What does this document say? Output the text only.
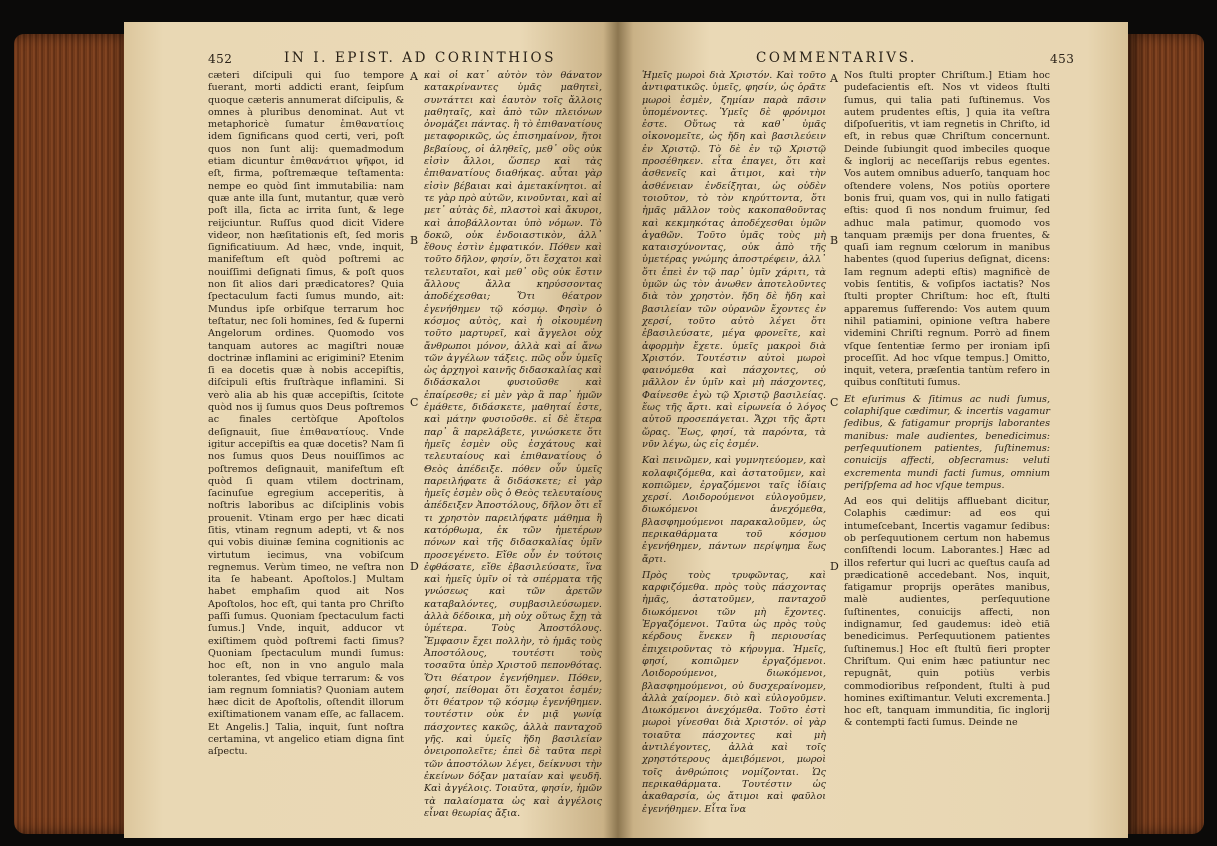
452	IN I. EPIST. AD CORINTHIOS

cæteri diſcipuli qui ſuo tempore fuerant, morti addicti erant, ſeipſum quoque cæteris annumerat diſcipulis, & omnes à pluribus denominat. Aut vt metaphoricè ſumatur ἐπιθανατίοις idem ſignificans quod certi, veri, poſt quos non ſunt alij: quemadmodum etiam dicuntur ἐπιθανάτιοι ψῆφοι, id eſt, firma, poſtremæque teſtamenta: nempe eo quòd ſint immutabilia: nam quæ ante illa ſunt, mutantur, quæ verò poſt illa, ſicta ac irrita ſunt, & lege reijciuntur. Ruſſus quod dicit Videre videor, non hæſitationis eſt, ſed moris ſignificatiuum. Ad hæc, vnde, inquit, manifeſtum eſt quòd poſtremi ac nouiſſimi deſignati ſimus, & poſt quos non ſit alios dari prædicatores? Quia ſpectaculum facti ſumus mundo, ait: Mundus ipſe orbiſque terrarum hoc teſtatur, nec ſoli homines, ſed & ſuperni Angelorum ordines. Quomodo vos tanquam autores ac magiſtri nouæ doctrinæ inflamini ac erigimini? Etenim ſi ea docetis quæ à nobis accepiſtis, diſcipuli eſtis fruſtràque inflamini. Si verò alia ab his quæ accepiſtis, ſcitote quòd nos ij ſumus quos Deus poſtremos ac finales certòſque Apoſtolos deſignauit, ſiue ἐπιθανατίους. Vnde igitur accepiſtis ea quæ docetis? Nam ſi nos ſumus quos Deus nouiſſimos ac poſtremos deſignauit, manifeſtum eſt quòd ſi quam vtilem doctrinam, ſacinuſue egregium acceperitis, à noſtris laboribus ac diſciplinis vobis prouenit. Vtinam ergo per hæc dicati ſitis, vtinam regnum adepti, vt & nos qui vobis diuinæ ſemina cognitionis ac virtutum iecimus, vna vobiſcum regnemus. Verùm timeo, ne veſtra non ita ſe habeant. Apoſtolos.] Multam habet emphaſim quod ait Nos Apoſtolos, hoc eſt, qui tanta pro Chriſto paſſi ſumus. Quoniam ſpectaculum facti ſumus.] Vnde, inquit, adducor vt exiſtimem quòd poſtremi facti ſimus? Quoniam ſpectaculum mundi ſumus: hoc eſt, non in vno angulo mala tolerantes, ſed vbique terrarum: & vos iam regnum ſomniatis? Quoniam autem hæc dicit de Apoſtolis, oſtendit illorum exiſtimationem vanam eſſe, ac fallacem. Et Angelis.] Talia, inquit, ſunt noſtra certamina, vt angelico etiam digna ſint aſpectu.

A
B
C
D

καὶ οἱ κατ᾽ αὐτὸν τὸν θάνατον κατακρίναντες ὑμᾶς μαθητεὶ, συντάττει καὶ ἑαυτὸν τοῖς ἄλλοις μαθηταῖς, καὶ ἀπὸ τῶν πλειόνων ὀνομάζει πάντας. ἢ τὸ ἐπιθανατίους μεταφορικῶς, ὡς ἐπισημαίνον, ἤτοι βεβαίους, οἱ ἀληθεῖς, μεθ᾽ οὓς οὐκ εἰσὶν ἄλλοι, ὥσπερ καὶ τὰς ἐπιθανατίους διαθήκας. αὗται γὰρ εἰσὶν βέβαιαι καὶ ἀμετακίνητοι. αἱ τε γὰρ πρὸ αὐτῶν, κινοῦνται, καὶ αἱ μετ᾽ αὐτὰς δὲ, πλαστοὶ καὶ ἄκυροι, καὶ ἀποβάλλονται ὑπὸ νόμων. Τὸ δοκῶ, οὐκ ἐνδοιαστικὸν, ἀλλ᾽ ἔθους ἐστὶν ἐμφατικόν. Πόθεν καὶ τοῦτο δῆλον, φησίν, ὅτι ἔσχατοι καὶ τελευταῖοι, καὶ μεθ᾽ οὓς οὐκ ἔστιν ἄλλους ἄλλα κηρύσσοντας ἀποδέχεσθαι; Ὅτι θέατρον ἐγενήθημεν τῷ κόσμῳ. Φησὶν ὁ κόσμος αὐτὸς, καὶ ἡ οἰκουμένη τοῦτο μαρτυρεῖ, καὶ ἄγγελοι οὐχ ἄνθρωποι μόνον, ἀλλὰ καὶ αἱ ἄνω τῶν ἀγγέλων τάξεις. πῶς οὖν ὑμεῖς ὡς ἀρχηγοὶ καινῆς διδασκαλίας καὶ διδάσκαλοι φυσιοῦσθε καὶ ἐπαίρεσθε; εἰ μὲν γὰρ ἃ παρ᾽ ἡμῶν ἐμάθετε, διδάσκετε, μαθηταί ἐστε, καὶ μάτην φυσιοῦσθε. εἰ δὲ ἕτερα παρ᾽ ἃ παρελάβετε, γινώσκετε ὅτι ἡμεῖς ἐσμὲν οὓς ἐσχάτους καὶ τελευταίους καὶ ἐπιθανατίους ὁ Θεὸς ἀπέδειξε. πόθεν οὖν ὑμεῖς παρειλήφατε ἃ διδάσκετε; εἰ γὰρ ἡμεῖς ἐσμὲν οὓς ὁ Θεὸς τελευταίους ἀπέδειξεν Ἀποστόλους, δῆλον ὅτι εἴ τι χρηστὸν παρειλήφατε μάθημα ἢ κατόρθωμα, ἐκ τῶν ἡμετέρων πόνων καὶ τῆς διδασκαλίας ὑμῖν προσεγένετο. Εἴθε οὖν ἐν τούτοις ἐφθάσατε, εἴθε ἐβασιλεύσατε, ἵνα καὶ ἡμεῖς ὑμῖν οἱ τὰ σπέρματα τῆς γνώσεως καὶ τῶν ἀρετῶν καταβαλόντες, συμβασιλεύσωμεν. ἀλλὰ δέδοικα, μὴ οὐχ οὕτως ἔχῃ τὰ ὑμέτερα. Τοὺς Ἀποστόλους. Ἔμφασιν ἔχει πολλὴν, τὸ ἡμᾶς τοὺς Ἀποστόλους, τουτέστι τοὺς τοσαῦτα ὑπὲρ Χριστοῦ πεπονθότας. Ὅτι θέατρον ἐγενήθημεν. Πόθεν, φησί, πείθομαι ὅτι ἔσχατοι ἐσμέν; ὅτι θέατρον τῷ κόσμῳ ἐγενήθημεν. τουτέστιν οὐκ ἐν μιᾷ γωνίᾳ πάσχοντες κακῶς, ἀλλὰ πανταχοῦ γῆς. καὶ ὑμεῖς ἤδη βασιλείαν ὀνειροπολεῖτε; ἐπεὶ δὲ ταῦτα περὶ τῶν ἀποστόλων λέγει, δείκνυσι τὴν ἐκείνων δόξαν ματαίαν καὶ ψευδῆ. Καὶ ἀγγέλοις. Τοιαῦτα, φησίν, ἡμῶν τὰ παλαίσματα ὡς καὶ ἀγγέλοις εἶναι θεωρίας ἄξια.

COMMENTARIVS.	453

Ἡμεῖς μωροὶ διὰ Χριστόν. Καὶ τοῦτο ἀντιφατικῶς. ὑμεῖς, φησίν, ὡς ὁρᾶτε μωροὶ ἐσμὲν, ζημίαν παρὰ πᾶσιν ὑπομένοντες. Ὑμεῖς δὲ φρόνιμοι ἐστε. Οὕτως τὰ καθ᾽ ὑμᾶς οἰκονομεῖτε, ὡς ἤδη καὶ βασιλεύειν ἐν Χριστῷ. Τὸ δὲ ἐν τῷ Χριστῷ προσέθηκεν. εἶτα ἐπαγει, ὅτι καὶ ἀσθενεῖς καὶ ἄτιμοι, καὶ τὴν ἀσθένειαν ἐνδείξηται, ὡς οὐδὲν τοιοῦτον, τὸ τὸν κηρύττοντα, ὅτι ἡμᾶς μᾶλλον τοὺς κακοπαθοῦντας καὶ κεκμηκότας ἀποδέχεσθαι ὑμῶν ἀγαθῶν. Τοῦτο ὑμᾶς τοὺς μὴ καταισχύνοντας, οὐκ ἀπὸ τῆς ὑμετέρας γνώμης ἀποστρέφειν, ἀλλ᾽ ὅτι ἐπεὶ ἐν τῷ παρ᾽ ὑμῖν χάριτι, τὰ ὑμῶν ὡς τὸν ἀνωθεν ἀποτελοῦντες διὰ τὸν χρηστὸν. ἤδη δὲ ἤδη καὶ βασιλείαν τῶν οὐρανῶν ἔχοντες ἐν χερσί, τοῦτο αὐτὸ λέγει ὅτι ἐβασιλεύσατε, μέγα φρονεῖτε, καὶ ἀφορμὴν ἔχετε. ὑμεῖς μακροὶ διὰ Χριστόν. Τουτέστιν αὐτοὶ μωροὶ φαινόμεθα καὶ πάσχοντες, οὐ μᾶλλον ἐν ὑμῖν καὶ μὴ πάσχοντες, Φαίνεσθε ἐγὼ τῷ Χριστῷ βασιλείας. ἕως τῆς ἄρτι. καὶ εἰρωνεία ὁ λόγος αὐτοῦ προσεπάγεται. Ἄχρι τῆς ἄρτι ὥρας. Ἕως, φησί, τὰ παρόντα, τὰ νῦν λέγω, ὡς εἰς ἐσμέν.

Καὶ πεινῶμεν, καὶ γυμνητεύομεν, καὶ κολαφιζόμεθα, καὶ ἀστατοῦμεν, καὶ κοπιῶμεν, ἐργαζόμενοι ταῖς ἰδίαις χερσί. Λοιδορούμενοι εὐλογοῦμεν, διωκόμενοι ἀνεχόμεθα, βλασφημούμενοι παρακαλοῦμεν, ὡς περικαθάρματα τοῦ κόσμου ἐγενήθημεν, πάντων περίψημα ἕως ἄρτι.

Πρὸς τοὺς τρυφῶντας, καὶ καρφιζόμεθα. πρὸς τοὺς πάσχοντας ἡμᾶς, ἀστατοῦμεν, πανταχοῦ διωκόμενοι τῶν μὴ ἔχοντες. Ἐργαζόμενοι. Ταῦτα ὡς πρὸς τοὺς κέρδους ἕνεκεν ἢ περιουσίας ἐπιχειροῦντας τὸ κήρυγμα. Ἡμεῖς, φησί, κοπιῶμεν ἐργαζόμενοι. Λοιδορούμενοι, διωκόμενοι, βλασφημούμενοι, οὐ δυσχεραίνομεν, ἀλλὰ χαίρομεν. διὸ καὶ εὐλογοῦμεν. Διωκόμενοι ἀνεχόμεθα. Τοῦτο ἐστὶ μωροὶ γίνεσθαι διὰ Χριστόν. οἱ γὰρ τοιαῦτα πάσχοντες καὶ μὴ ἀντιλέγοντες, ἀλλὰ καὶ τοῖς χρηστότερους ἀμειβόμενοι, μωροὶ τοῖς ἀνθρώποις νομίζονται. Ὡς περικαθάρματα. Τουτέστιν ὡς ἀκαθαρσία, ὡς ἄτιμοι καὶ φαῦλοι ἐγενήθημεν. Εἶτα ἵνα

A
B
C
D

Nos ſtulti propter Chriſtum.] Etiam hoc pudefacientis eſt. Nos vt videos ſtulti ſumus, qui talia pati ſuſtinemus. Vos autem prudentes eſtis, ] quia ita veſtra diſpoſueritis, vt iam regnetis in Chriſto, id eſt, in rebus quæ Chriſtum concernunt. Deinde ſubiungit quod imbeciles quoque & inglorij ac neceſſarijs rebus egentes. Vos autem omnibus aduerſo, tanquam hoc oſtendere volens, Nos potiùs oportere bonis frui, quam vos, qui in nullo fatigati eſtis: quod ſi nos nondum fruimur, ſed adhuc mala patimur, quomodo vos tanquam præmijs per dona fruentes, & quaſi iam regnum cœlorum in manibus habentes (quod ſuperius deſignat, dicens: Iam regnum adepti eſtis) magnificè de vobis ſentitis, & voſipſos iactatis? Nos ſtulti propter Chriſtum: hoc eſt, ſtulti apparemus ſufferendo: Vos autem quum nihil patiamini, opinione veſtra habere videmini Chriſti regnum. Porrò ad finem vſque ſententiæ ſermo per ironiam ipſi proceſſit. Ad hoc vſque tempus.] Omitto, inquit, vetera, præſentia tantùm refero in quibus conſtituti ſumus.

Et eſurimus & ſitimus ac nudi ſumus, colaphiſque cædimur, & incertis vagamur ſedibus, & fatigamur proprijs laborantes manibus: male audientes, benedicimus: perſequutionem patientes, ſuſtinemus: conuicijs affecti, obſecramus: veluti excrementa mundi facti ſumus, omnium periſpſema ad hoc vſque tempus.

Ad eos qui delitijs affluebant dicitur, Colaphis cædimur: ad eos qui intumeſcebant, Incertis vagamur ſedibus: ob perſequutionem certum non habemus conſiſtendi locum. Laborantes.] Hæc ad illos refertur qui lucri ac queſtus cauſa ad prædicationē accedebant. Nos, inquit, fatigamur proprijs operātes manibus, malè audientes, perſequutione ſuſtinentes, conuicijs affecti, non indignamur, ſed gaudemus: ideò etiā benedicimus. Perſequutionem patientes ſuſtinemus.] Hoc eſt ſtultū fieri propter Chriſtum. Qui enim hæc patiuntur nec repugnāt, quin potiùs verbis commodioribus reſpondent, ſtulti à pud homines exiſtimantur. Veluti excrementa.] hoc eſt, tanquam immunditia, ſic inglorij & contempti facti ſumus. Deinde ne
